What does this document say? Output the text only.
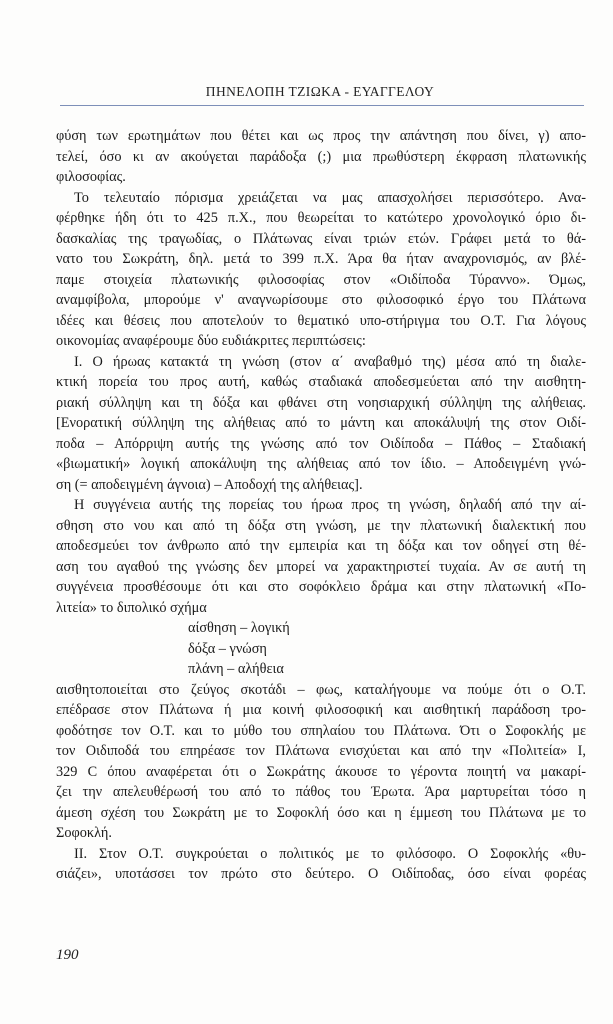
ΠΗΝΕΛΟΠΗ ΤΖΙΩΚΑ - ΕΥΑΓΓΕΛΟΥ

φύση των ερωτημάτων που θέτει και ως προς την απάντηση που δίνει, γ) απο-

τελεί, όσο κι αν ακούγεται παράδοξα (;) μια πρωθύστερη έκφραση πλατωνικής

φιλοσοφίας.

Το τελευταίο πόρισμα χρειάζεται να μας απασχολήσει περισσότερο. Ανα-

φέρθηκε ήδη ότι το 425 π.Χ., που θεωρείται το κατώτερο χρονολογικό όριο δι-

δασκαλίας της τραγωδίας, ο Πλάτωνας είναι τριών ετών. Γράφει μετά το θά-

νατο του Σωκράτη, δηλ. μετά το 399 π.Χ. Άρα θα ήταν αναχρονισμός, αν βλέ-

παμε στοιχεία πλατωνικής φιλοσοφίας στον «Οιδίποδα Τύραννο». Όμως,

αναμφίβολα, μπορούμε ν' αναγνωρίσουμε στο φιλοσοφικό έργο του Πλάτωνα

ιδέες και θέσεις που αποτελούν το θεματικό υπο-στήριγμα του Ο.Τ. Για λόγους

οικονομίας αναφέρουμε δύο ευδιάκριτες περιπτώσεις:

Ι. Ο ήρωας κατακτά τη γνώση (στον α΄ αναβαθμό της) μέσα από τη διαλε-

κτική πορεία του προς αυτή, καθώς σταδιακά αποδεσμεύεται από την αισθητη-

ριακή σύλληψη και τη δόξα και φθάνει στη νοησιαρχική σύλληψη της αλήθειας.

[Ενορατική σύλληψη της αλήθειας από το μάντη και αποκάλυψή της στον Οιδί-

ποδα – Απόρριψη αυτής της γνώσης από τον Οιδίποδα – Πάθος – Σταδιακή

«βιωματική» λογική αποκάλυψη της αλήθειας από τον ίδιο. – Αποδειγμένη γνώ-

ση (= αποδειγμένη άγνοια) – Αποδοχή της αλήθειας].

Η συγγένεια αυτής της πορείας του ήρωα προς τη γνώση, δηλαδή από την αί-

σθηση στο νου και από τη δόξα στη γνώση, με την πλατωνική διαλεκτική που

αποδεσμεύει τον άνθρωπο από την εμπειρία και τη δόξα και τον οδηγεί στη θέ-

αση του αγαθού της γνώσης δεν μπορεί να χαρακτηριστεί τυχαία. Αν σε αυτή τη

συγγένεια προσθέσουμε ότι και στο σοφόκλειο δράμα και στην πλατωνική «Πο-

λιτεία» το διπολικό σχήμα

αίσθηση – λογική

δόξα – γνώση

πλάνη – αλήθεια

αισθητοποιείται στο ζεύγος σκοτάδι – φως, καταλήγουμε να πούμε ότι ο Ο.Τ.

επέδρασε στον Πλάτωνα ή μια κοινή φιλοσοφική και αισθητική παράδοση τρο-

φοδότησε τον Ο.Τ. και το μύθο του σπηλαίου του Πλάτωνα. Ότι ο Σοφοκλής με

τον Οιδιποδά του επηρέασε τον Πλάτωνα ενισχύεται και από την «Πολιτεία» Ι,

329 C όπου αναφέρεται ότι ο Σωκράτης άκουσε το γέροντα ποιητή να μακαρί-

ζει την απελευθέρωσή του από το πάθος του Έρωτα. Άρα μαρτυρείται τόσο η

άμεση σχέση του Σωκράτη με το Σοφοκλή όσο και η έμμεση του Πλάτωνα με το

Σοφοκλή.

ΙΙ. Στον Ο.Τ. συγκρούεται ο πολιτικός με το φιλόσοφο. Ο Σοφοκλής «θυ-

σιάζει», υποτάσσει τον πρώτο στο δεύτερο. Ο Οιδίποδας, όσο είναι φορέας

190
